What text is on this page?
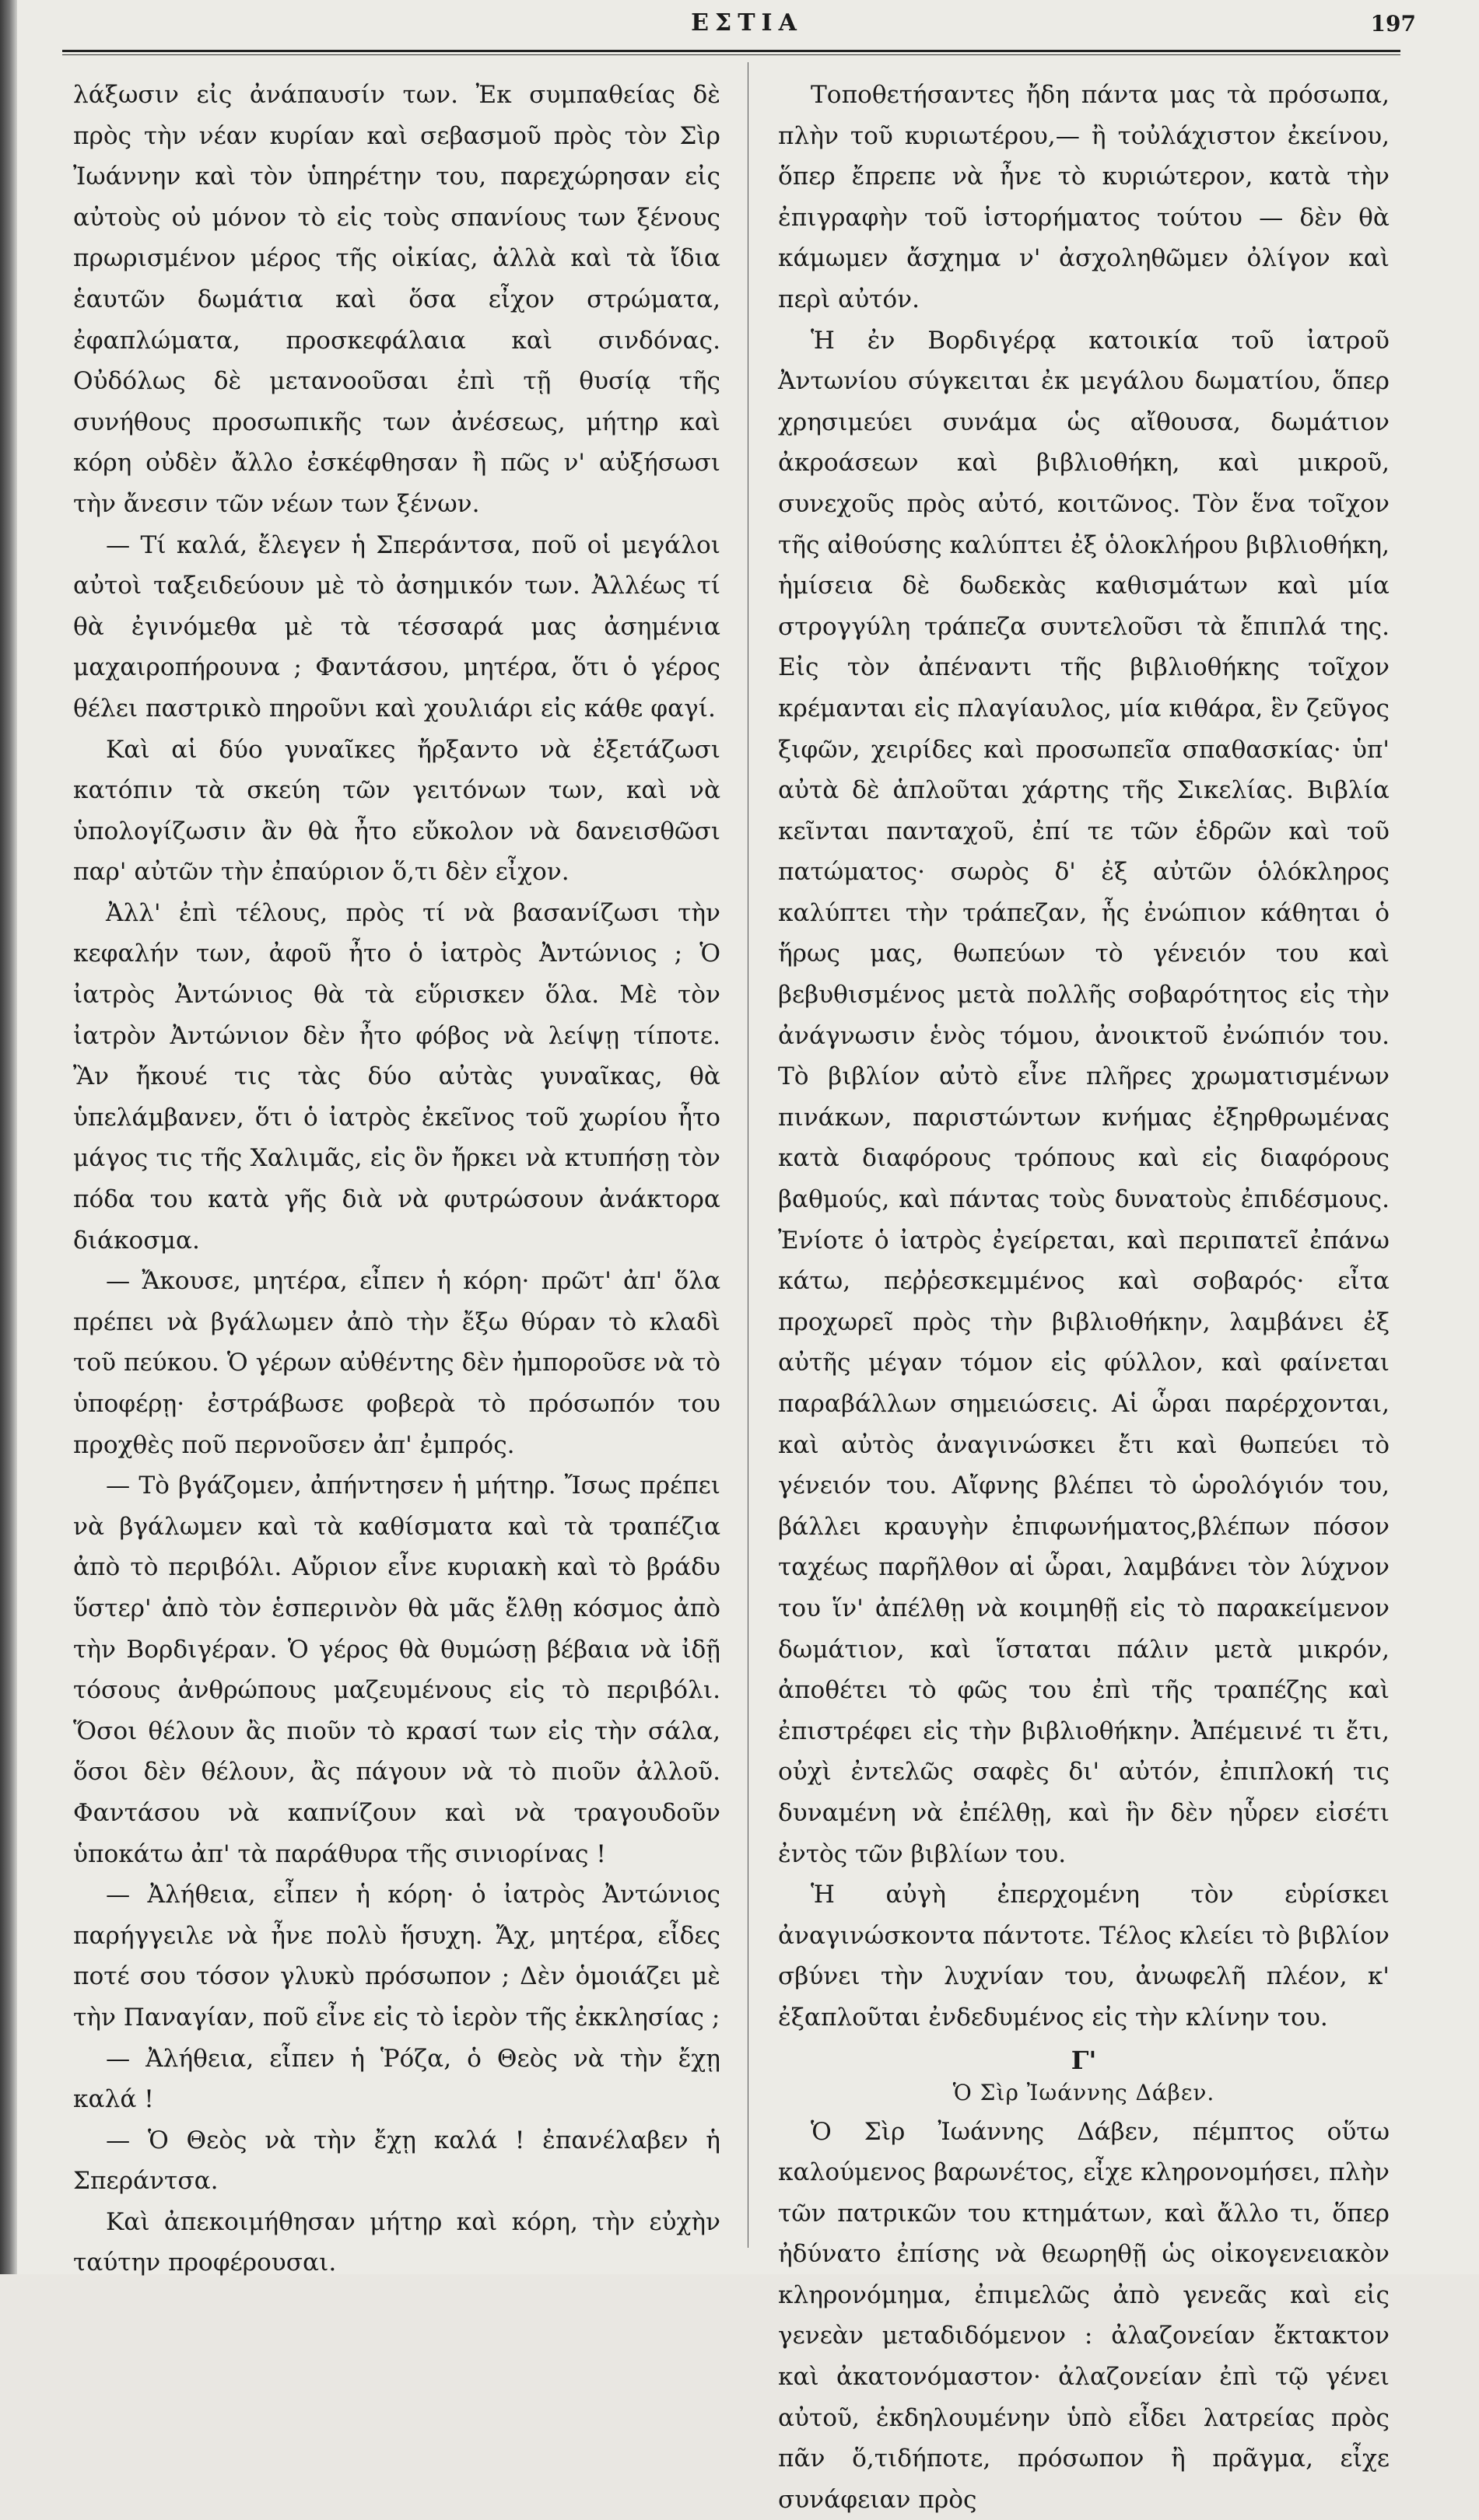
ΕΣΤΙΑ	197

λάξωσιν εἰς ἀνάπαυσίν των. Ἐκ συμπαθείας δὲ πρὸς τὴν νέαν κυρίαν καὶ σεβασμοῦ πρὸς τὸν Σὶρ Ἰωάννην καὶ τὸν ὑπηρέτην του, παρεχώρησαν εἰς αὐτοὺς οὐ μόνον τὸ εἰς τοὺς σπανίους των ξένους πρωρισμένον μέρος τῆς οἰκίας, ἀλλὰ καὶ τὰ ἴδια ἑαυτῶν δωμάτια καὶ ὅσα εἶχον στρώματα, ἐφαπλώματα, προσκεφάλαια καὶ σινδόνας. Οὐδόλως δὲ μετανοοῦσαι ἐπὶ τῇ θυσίᾳ τῆς συνήθους προσωπικῆς των ἀνέσεως, μήτηρ καὶ κόρη οὐδὲν ἄλλο ἐσκέφθησαν ἢ πῶς ν' αὐξήσωσι τὴν ἄνεσιν τῶν νέων των ξένων.

— Τί καλά, ἔλεγεν ἡ Σπεράντσα, ποῦ οἱ μεγάλοι αὐτοὶ ταξειδεύουν μὲ τὸ ἀσημικόν των. Ἀλλέως τί θὰ ἐγινόμεθα μὲ τὰ τέσσαρά μας ἀσημένια μαχαιροπήρουνα ; Φαντάσου, μητέρα, ὅτι ὁ γέρος θέλει παστρικὸ πηροῦνι καὶ χουλιάρι εἰς κάθε φαγί.

Καὶ αἱ δύο γυναῖκες ἤρξαντο νὰ ἐξετάζωσι κατόπιν τὰ σκεύη τῶν γειτόνων των, καὶ νὰ ὑπολογίζωσιν ἂν θὰ ἦτο εὔκολον νὰ δανεισθῶσι παρ' αὐτῶν τὴν ἐπαύριον ὅ,τι δὲν εἶχον.

Ἀλλ' ἐπὶ τέλους, πρὸς τί νὰ βασανίζωσι τὴν κεφαλήν των, ἀφοῦ ἦτο ὁ ἰατρὸς Ἀντώνιος ; Ὁ ἰατρὸς Ἀντώνιος θὰ τὰ εὕρισκεν ὅλα. Μὲ τὸν ἰατρὸν Ἀντώνιον δὲν ἦτο φόβος νὰ λείψῃ τίποτε. Ἂν ἤκουέ τις τὰς δύο αὐτὰς γυναῖκας, θὰ ὑπελάμβανεν, ὅτι ὁ ἰατρὸς ἐκεῖνος τοῦ χωρίου ἦτο μάγος τις τῆς Χαλιμᾶς, εἰς ὃν ἤρκει νὰ κτυπήσῃ τὸν πόδα του κατὰ γῆς διὰ νὰ φυτρώσουν ἀνάκτορα διάκοσμα.

— Ἄκουσε, μητέρα, εἶπεν ἡ κόρη· πρῶτ' ἀπ' ὅλα πρέπει νὰ βγάλωμεν ἀπὸ τὴν ἔξω θύραν τὸ κλαδὶ τοῦ πεύκου. Ὁ γέρων αὐθέντης δὲν ἠμποροῦσε νὰ τὸ ὑποφέρῃ· ἐστράβωσε φοβερὰ τὸ πρόσωπόν του προχθὲς ποῦ περνοῦσεν ἀπ' ἐμπρός.

— Τὸ βγάζομεν, ἀπήντησεν ἡ μήτηρ. Ἴσως πρέπει νὰ βγάλωμεν καὶ τὰ καθίσματα καὶ τὰ τραπέζια ἀπὸ τὸ περιβόλι. Αὔριον εἶνε κυριακὴ καὶ τὸ βράδυ ὕστερ' ἀπὸ τὸν ἑσπερινὸν θὰ μᾶς ἔλθῃ κόσμος ἀπὸ τὴν Βορδιγέραν. Ὁ γέρος θὰ θυμώσῃ βέβαια νὰ ἰδῇ τόσους ἀνθρώπους μαζευμένους εἰς τὸ περιβόλι. Ὅσοι θέλουν ἂς πιοῦν τὸ κρασί των εἰς τὴν σάλα, ὅσοι δὲν θέλουν, ἂς πάγουν νὰ τὸ πιοῦν ἀλλοῦ. Φαντάσου νὰ καπνίζουν καὶ νὰ τραγουδοῦν ὑποκάτω ἀπ' τὰ παράθυρα τῆς σινιορίνας !

— Ἀλήθεια, εἶπεν ἡ κόρη· ὁ ἰατρὸς Ἀντώνιος παρήγγειλε νὰ ἦνε πολὺ ἥσυχη. Ἄχ, μητέρα, εἶδες ποτέ σου τόσον γλυκὺ πρόσωπον ; Δὲν ὁμοιάζει μὲ τὴν Παναγίαν, ποῦ εἶνε εἰς τὸ ἱερὸν τῆς ἐκκλησίας ;

— Ἀλήθεια, εἶπεν ἡ Ῥόζα, ὁ Θεὸς νὰ τὴν ἔχῃ καλά !

— Ὁ Θεὸς νὰ τὴν ἔχῃ καλά ! ἐπανέλαβεν ἡ Σπεράντσα.

Καὶ ἀπεκοιμήθησαν μήτηρ καὶ κόρη, τὴν εὐχὴν ταύτην προφέρουσαι.

Τοποθετήσαντες ἤδη πάντα μας τὰ πρόσωπα, πλὴν τοῦ κυριωτέρου,— ἢ τοὐλάχιστον ἐκείνου, ὅπερ ἔπρεπε νὰ ἦνε τὸ κυριώτερον, κατὰ τὴν ἐπιγραφὴν τοῦ ἱστορήματος τούτου — δὲν θὰ κάμωμεν ἄσχημα ν' ἀσχοληθῶμεν ὀλίγον καὶ περὶ αὐτόν.

Ἡ ἐν Βορδιγέρᾳ κατοικία τοῦ ἰατροῦ Ἀντωνίου σύγκειται ἐκ μεγάλου δωματίου, ὅπερ χρησιμεύει συνάμα ὡς αἴθουσα, δωμάτιον ἀκροάσεων καὶ βιβλιοθήκη, καὶ μικροῦ, συνεχοῦς πρὸς αὐτό, κοιτῶνος. Τὸν ἕνα τοῖχον τῆς αἰθούσης καλύπτει ἐξ ὁλοκλήρου βιβλιοθήκη, ἡμίσεια δὲ δωδεκὰς καθισμάτων καὶ μία στρογγύλη τράπεζα συντελοῦσι τὰ ἔπιπλά της. Εἰς τὸν ἀπέναντι τῆς βιβλιοθήκης τοῖχον κρέμανται εἰς πλαγίαυλος, μία κιθάρα, ἓν ζεῦγος ξιφῶν, χειρίδες καὶ προσωπεῖα σπαθασκίας· ὑπ' αὐτὰ δὲ ἁπλοῦται χάρτης τῆς Σικελίας. Βιβλία κεῖνται πανταχοῦ, ἐπί τε τῶν ἑδρῶν καὶ τοῦ πατώματος· σωρὸς δ' ἐξ αὐτῶν ὁλόκληρος καλύπτει τὴν τράπεζαν, ἧς ἐνώπιον κάθηται ὁ ἥρως μας, θωπεύων τὸ γένειόν του καὶ βεβυθισμένος μετὰ πολλῆς σοβαρότητος εἰς τὴν ἀνάγνωσιν ἑνὸς τόμου, ἀνοικτοῦ ἐνώπιόν του. Τὸ βιβλίον αὐτὸ εἶνε πλῆρες χρωματισμένων πινάκων, παριστώντων κνήμας ἐξηρθρωμένας κατὰ διαφόρους τρόπους καὶ εἰς διαφόρους βαθμούς, καὶ πάντας τοὺς δυνατοὺς ἐπιδέσμους. Ἐνίοτε ὁ ἰατρὸς ἐγείρεται, καὶ περιπατεῖ ἐπάνω κάτω, πεῤῥεσκεμμένος καὶ σοβαρός· εἶτα προχωρεῖ πρὸς τὴν βιβλιοθήκην, λαμβάνει ἐξ αὐτῆς μέγαν τόμον εἰς φύλλον, καὶ φαίνεται παραβάλλων σημειώσεις. Αἱ ὧραι παρέρχονται, καὶ αὐτὸς ἀναγινώσκει ἔτι καὶ θωπεύει τὸ γένειόν του. Αἴφνης βλέπει τὸ ὡρολόγιόν του, βάλλει κραυγὴν ἐπιφωνήματος,βλέπων πόσον ταχέως παρῆλθον αἱ ὧραι, λαμβάνει τὸν λύχνον του ἵν' ἀπέλθῃ νὰ κοιμηθῇ εἰς τὸ παρακείμενον δωμάτιον, καὶ ἵσταται πάλιν μετὰ μικρόν, ἀποθέτει τὸ φῶς του ἐπὶ τῆς τραπέζης καὶ ἐπιστρέφει εἰς τὴν βιβλιοθήκην. Ἀπέμεινέ τι ἔτι, οὐχὶ ἐντελῶς σαφὲς δι' αὐτόν, ἐπιπλοκή τις δυναμένη νὰ ἐπέλθῃ, καὶ ἣν δὲν ηὗρεν εἰσέτι ἐντὸς τῶν βιβλίων του.

Ἡ αὐγὴ ἐπερχομένη τὸν εὑρίσκει ἀναγινώσκοντα πάντοτε. Τέλος κλείει τὸ βιβλίον σβύνει τὴν λυχνίαν του, ἀνωφελῆ πλέον, κ' ἐξαπλοῦται ἐνδεδυμένος εἰς τὴν κλίνην του.

Γ'
Ὁ Σὶρ Ἰωάννης Δάβεν.

Ὁ Σὶρ Ἰωάννης Δάβεν, πέμπτος οὕτω καλούμενος βαρωνέτος, εἶχε κληρονομήσει, πλὴν τῶν πατρικῶν του κτημάτων, καὶ ἄλλο τι, ὅπερ ἠδύνατο ἐπίσης νὰ θεωρηθῇ ὡς οἰκογενειακὸν κληρονόμημα, ἐπιμελῶς ἀπὸ γενεᾶς καὶ εἰς γενεὰν μεταδιδόμενον : ἀλαζονείαν ἔκτακτον καὶ ἀκατονόμαστον· ἀλαζονείαν ἐπὶ τῷ γένει αὐτοῦ, ἐκδηλουμένην ὑπὸ εἶδει λατρείας πρὸς πᾶν ὅ,τιδήποτε, πρόσωπον ἢ πρᾶγμα, εἶχε συνάφειαν πρὸς
